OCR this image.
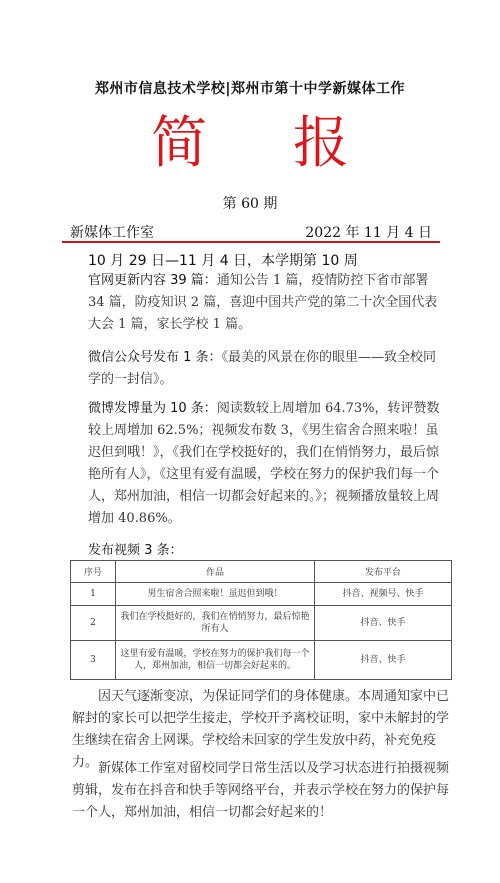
郑州市信息技术学校|郑州市第十中学新媒体工作
简 报
第 60 期
新媒体工作室	2022 年 11 月 4 日
10 月 29 日—11 月 4 日，本学期第 10 周
官网更新内容 39 篇：通知公告 1 篇，疫情防控下省市部署 34 篇，防疫知识 2 篇，喜迎中国共产党的第二十次全国代表大会 1 篇，家长学校 1 篇。
微信公众号发布 1 条：《最美的风景在你的眼里——致全校同学的一封信》。
微博发博量为 10 条：阅读数较上周增加 64.73%，转评赞数较上周增加 62.5%；视频发布数 3，《男生宿舍合照来啦！虽迟但到哦！》，《我们在学校挺好的，我们在悄悄努力，最后惊艳所有人》，《这里有爱有温暖，学校在努力的保护我们每一个人，郑州加油，相信一切都会好起来的。》；视频播放量较上周增加 40.86%。
发布视频 3 条：
序号	作品	发布平台
1	男生宿舍合照来啦！虽迟但到哦！	抖音、视频号、快手
2	我们在学校挺好的，我们在悄悄努力，最后惊艳所有人	抖音、快手
3	这里有爱有温暖，学校在努力的保护我们每一个人，郑州加油，相信一切都会好起来的。	抖音、快手
因天气逐渐变凉，为保证同学们的身体健康。本周通知家中已解封的家长可以把学生接走，学校开予离校证明，家中未解封的学生继续在宿舍上网课。学校给未回家的学生发放中药，补充免疫力。 新媒体工作室对留校同学日常生活以及学习状态进行拍摄视频剪辑，发布在抖音和快手等网络平台，并表示学校在努力的保护每一个人，郑州加油，相信一切都会好起来的！
